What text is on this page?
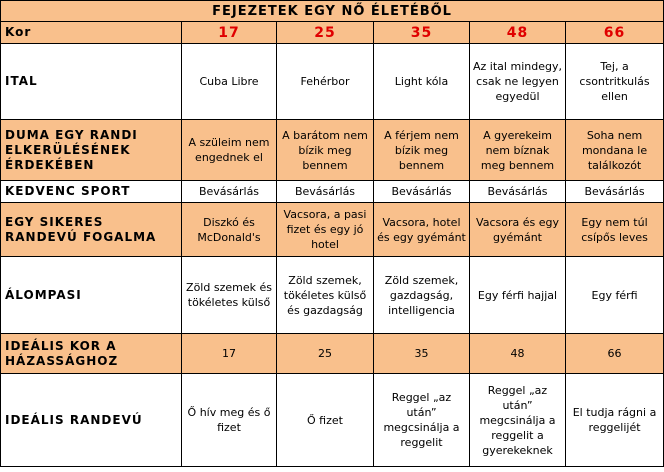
FEJEZETEK EGY NŐ ÉLETÉBŐL					
Kor	17	25	35	48	66
ITAL	Cuba Libre	Fehérbor	Light kóla	Az ital mindegy, csak ne legyen egyedül	Tej, a csontritkulás ellen
DUMA EGY RANDI ELKERÜLÉSÉNEK ÉRDEKÉBEN	A szüleim nem engednek el	A barátom nem bízik meg bennem	A férjem nem bízik meg bennem	A gyerekeim nem bíznak meg bennem	Soha nem mondana le találkozót
KEDVENC SPORT	Bevásárlás	Bevásárlás	Bevásárlás	Bevásárlás	Bevásárlás
EGY SIKERES RANDEVÚ FOGALMA	Diszkó és McDonald's	Vacsora, a pasi fizet és egy jó hotel	Vacsora, hotel és egy gyémánt	Vacsora és egy gyémánt	Egy nem túl csípős leves
ÁLOMPASI	Zöld szemek és tökéletes külső	Zöld szemek, tökéletes külső és gazdagság	Zöld szemek, gazdagság, intelligencia	Egy férfi hajjal	Egy férfi
IDEÁLIS KOR A HÁZASSÁGHOZ	17	25	35	48	66
IDEÁLIS RANDEVÚ	Ő hív meg és ő fizet	Ő fizet	Reggel „az után” megcsinálja a reggelit	Reggel „az után” megcsinálja a reggelit a gyerekeknek	El tudja rágni a reggelijét
